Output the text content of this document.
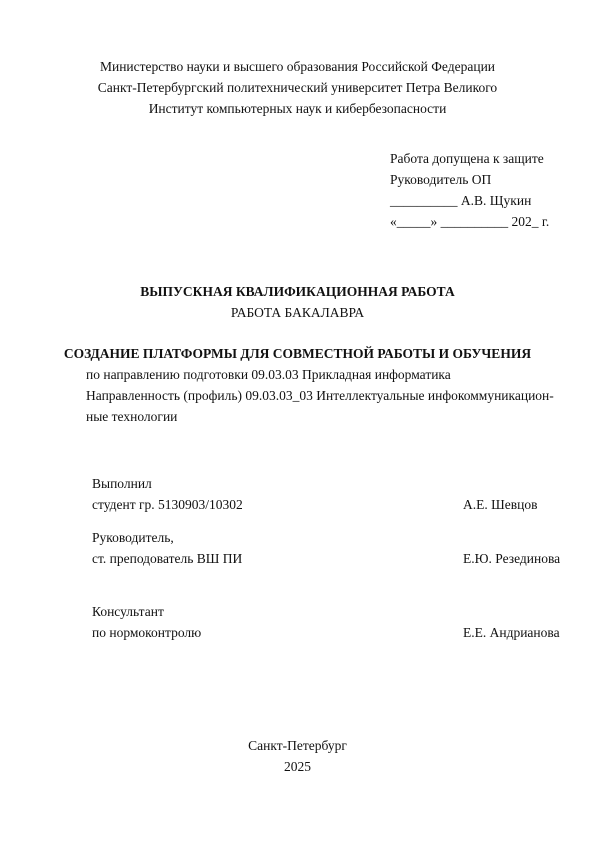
Министерство науки и высшего образования Российской Федерации
Санкт-Петербургский политехнический университет Петра Великого
Институт компьютерных наук и кибербезопасности
Работа допущена к защите
Руководитель ОП
__________ А.В. Щукин
«_____» __________ 202_ г.
ВЫПУСКНАЯ КВАЛИФИКАЦИОННАЯ РАБОТА
РАБОТА БАКАЛАВРА
СОЗДАНИЕ ПЛАТФОРМЫ ДЛЯ СОВМЕСТНОЙ РАБОТЫ И ОБУЧЕНИЯ
по направлению подготовки 09.03.03 Прикладная информатика
Направленность (профиль) 09.03.03_03 Интеллектуальные инфокоммуникацион-
ные технологии
Выполнил
студент гр. 5130903/10302	А.Е. Шевцов
Руководитель,
ст. преподователь ВШ ПИ	Е.Ю. Резединова
Консультант
по нормоконтролю	Е.Е. Андрианова
Санкт-Петербург
2025
